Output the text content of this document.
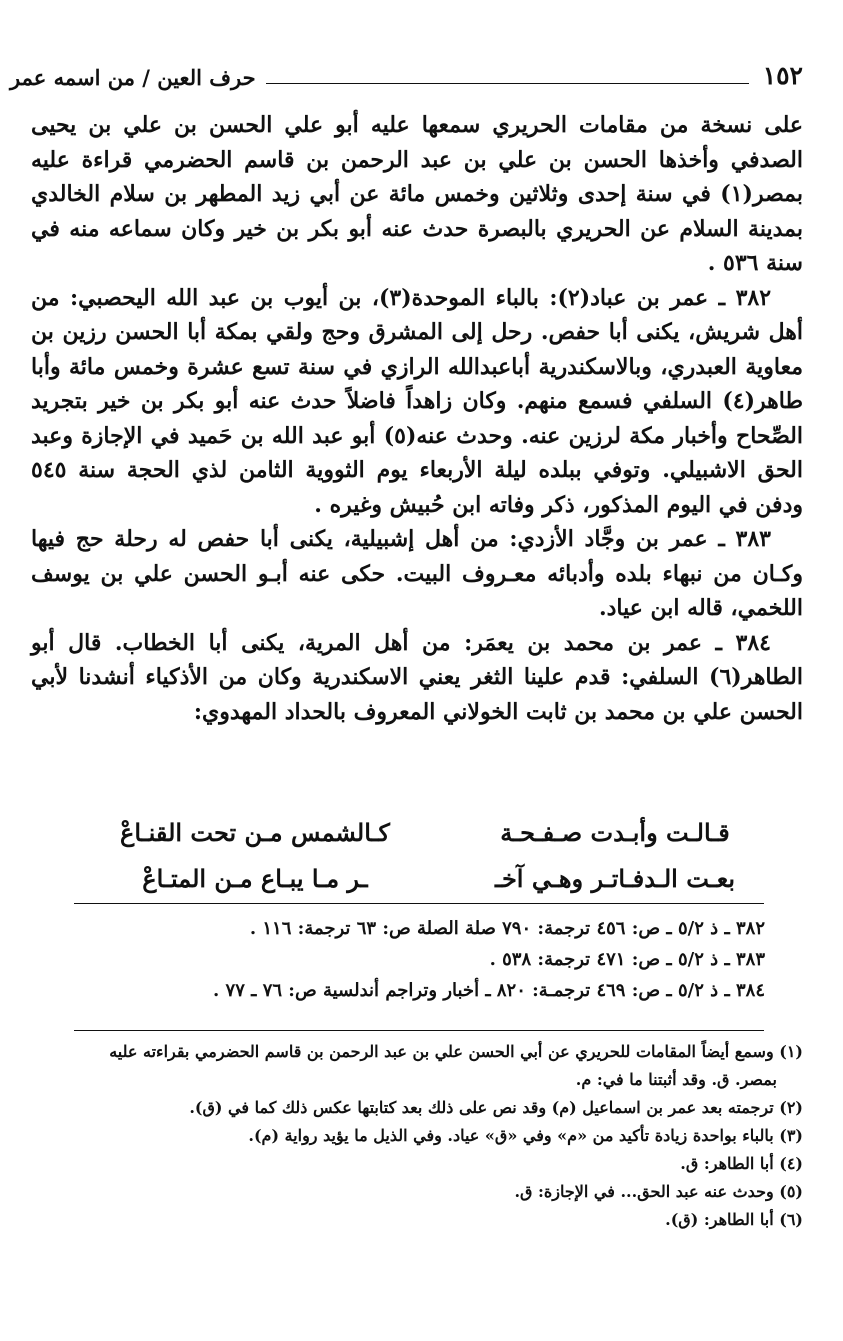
١٥٢
حرف العين / من اسمه عمر

على نسخة من مقامات الحريري سمعها عليه أبو علي الحسن بن علي بن يحيى الصدفي وأخذها الحسن بن علي بن عبد الرحمن بن قاسم الحضرمي قراءة عليه بمصر(١) في سنة إحدى وثلاثين وخمس مائة عن أبي زيد المطهر بن سلام الخالدي بمدينة السلام عن الحريري بالبصرة حدث عنه أبو بكر بن خير وكان سماعه منه في سنة ٥٣٦ .

٣٨٢ ـ عمر بن عباد(٢): بالباء الموحدة(٣)، بن أيوب بن عبد الله اليحصبي: من أهل شريش، يكنى أبا حفص. رحل إلى المشرق وحج ولقي بمكة أبا الحسن رزين بن معاوية العبدري، وبالاسكندرية أباعبدالله الرازي في سنة تسع عشرة وخمس مائة وأبا طاهر(٤) السلفي فسمع منهم. وكان زاهداً فاضلاً حدث عنه أبو بكر بن خير بتجريد الصِّحاح وأخبار مكة لرزين عنه. وحدث عنه(٥) أبو عبد الله بن حَميد في الإجازة وعبد الحق الاشبيلي. وتوفي ببلده ليلة الأربعاء يوم الثووية الثامن لذي الحجة سنة ٥٤٥ ودفن في اليوم المذكور، ذكر وفاته ابن حُبيش وغيره .

٣٨٣ ـ عمر بن وجَّاد الأزدي: من أهل إشبيلية، يكنى أبا حفص له رحلة حج فيها وكـان من نبهاء بلده وأدبائه معـروف البيت. حكى عنه أبـو الحسن علي بن يوسف اللخمي، قاله ابن عياد.

٣٨٤ ـ عمر بن محمد بن يعمَر: من أهل المرية، يكنى أبا الخطاب. قال أبو الطاهر(٦) السلفي: قدم علينا الثغر يعني الاسكندرية وكان من الأذكياء أنشدنا لأبي الحسن علي بن محمد بن ثابت الخولاني المعروف بالحداد المهدوي:

قـالـت وأبـدت صـفـحـة
كـالشمس مـن تحت القنـاعْ
بعـت الـدفـاتـر وهـي آخـ
ـر مـا يبـاع مـن المتـاعْ
٣٨٢ ـ ذ ٥/٢ ـ ص: ٤٥٦ ترجمة: ٧٩٠ صلة الصلة ص: ٦٣ ترجمة: ١١٦ .
٣٨٣ ـ ذ ٥/٢ ـ ص: ٤٧١ ترجمة: ٥٣٨ .
٣٨٤ ـ ذ ٥/٢ ـ ص: ٤٦٩ ترجمـة: ٨٢٠ ـ أخبار وتراجم أندلسية ص: ٧٦ ـ ٧٧ .
(١) وسمع أيضاً المقامات للحريري عن أبي الحسن علي بن عبد الرحمن بن قاسم الحضرمي بقراءته عليه
بمصر. ق. وقد أثبتنا ما في: م.
(٢) ترجمته بعد عمر بن اسماعيل (م) وقد نص على ذلك بعد كتابتها عكس ذلك كما في (ق).
(٣) بالباء بواحدة زيادة تأكيد من «م» وفي «ق» عياد. وفي الذيل ما يؤيد رواية (م).
(٤) أبا الطاهر: ق.
(٥) وحدث عنه عبد الحق... في الإجازة: ق.
(٦) أبا الطاهر: (ق).
